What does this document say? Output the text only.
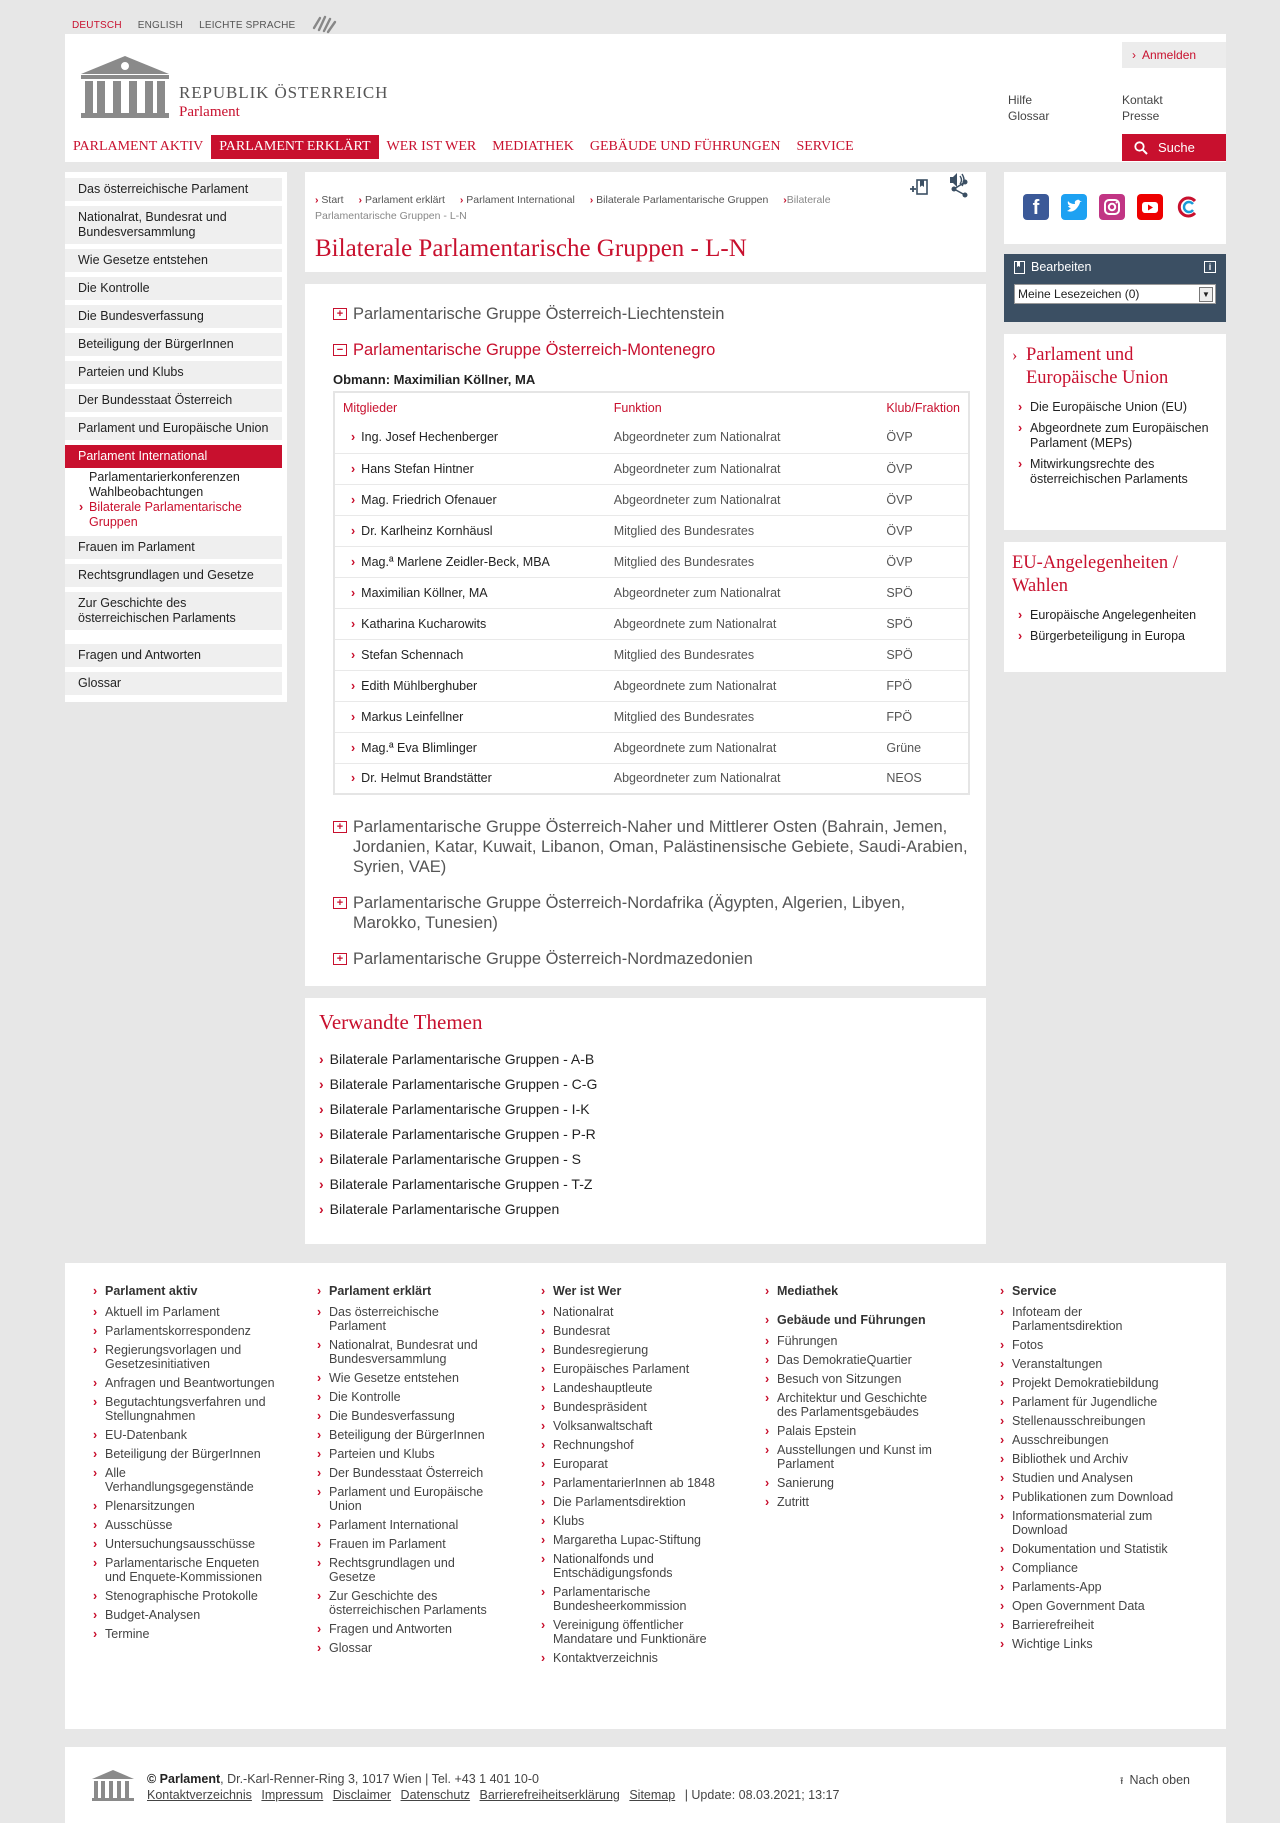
DEUTSCH ENGLISH LEICHTE SPRACHE
REPUBLIK ÖSTERREICH
Parlament
› Anmelden
Hilfe
Glossar
Kontakt
Presse
PARLAMENT AKTIV	PARLAMENT ERKLÄRT	WER IST WER	MEDIATHEK	GEBÄUDE UND FÜHRUNGEN	SERVICE	Suche
Das österreichische Parlament
Nationalrat, Bundesrat und Bundesversammlung
Wie Gesetze entstehen
Die Kontrolle
Die Bundesverfassung
Beteiligung der BürgerInnen
Parteien und Klubs
Der Bundesstaat Österreich
Parlament und Europäische Union
Parlament International
Parlamentarierkonferenzen
Wahlbeobachtungen
› Bilaterale Parlamentarische Gruppen
Frauen im Parlament
Rechtsgrundlagen und Gesetze
Zur Geschichte des österreichischen Parlaments
Fragen und Antworten
Glossar
› Start › Parlament erklärt › Parlament International › Bilaterale Parlamentarische Gruppen ›Bilaterale Parlamentarische Gruppen - L-N
Bilaterale Parlamentarische Gruppen - L-N
+ Parlamentarische Gruppe Österreich-Liechtenstein
− Parlamentarische Gruppe Österreich-Montenegro
Obmann: Maximilian Köllner, MA
Mitglieder	Funktion	Klub/Fraktion
› Ing. Josef Hechenberger	Abgeordneter zum Nationalrat	ÖVP
› Hans Stefan Hintner	Abgeordneter zum Nationalrat	ÖVP
› Mag. Friedrich Ofenauer	Abgeordneter zum Nationalrat	ÖVP
› Dr. Karlheinz Kornhäusl	Mitglied des Bundesrates	ÖVP
› Mag.ª Marlene Zeidler-Beck, MBA	Mitglied des Bundesrates	ÖVP
› Maximilian Köllner, MA	Abgeordneter zum Nationalrat	SPÖ
› Katharina Kucharowits	Abgeordnete zum Nationalrat	SPÖ
› Stefan Schennach	Mitglied des Bundesrates	SPÖ
› Edith Mühlberghuber	Abgeordnete zum Nationalrat	FPÖ
› Markus Leinfellner	Mitglied des Bundesrates	FPÖ
› Mag.ª Eva Blimlinger	Abgeordnete zum Nationalrat	Grüne
› Dr. Helmut Brandstätter	Abgeordneter zum Nationalrat	NEOS
+ Parlamentarische Gruppe Österreich-Naher und Mittlerer Osten (Bahrain, Jemen, Jordanien, Katar, Kuwait, Libanon, Oman, Palästinensische Gebiete, Saudi-Arabien, Syrien, VAE)
+ Parlamentarische Gruppe Österreich-Nordafrika (Ägypten, Algerien, Libyen, Marokko, Tunesien)
+ Parlamentarische Gruppe Österreich-Nordmazedonien
Verwandte Themen
› Bilaterale Parlamentarische Gruppen - A-B
› Bilaterale Parlamentarische Gruppen - C-G
› Bilaterale Parlamentarische Gruppen - I-K
› Bilaterale Parlamentarische Gruppen - P-R
› Bilaterale Parlamentarische Gruppen - S
› Bilaterale Parlamentarische Gruppen - T-Z
› Bilaterale Parlamentarische Gruppen
f
Bearbeiten	i
Meine Lesezeichen (0)	▼
› Parlament und Europäische Union
› Die Europäische Union (EU)
› Abgeordnete zum Europäischen Parlament (MEPs)
› Mitwirkungsrechte des österreichischen Parlaments
EU-Angelegenheiten / Wahlen
› Europäische Angelegenheiten
› Bürgerbeteiligung in Europa
› Parlament aktiv
› Aktuell im Parlament
› Parlamentskorrespondenz
› Regierungsvorlagen und Gesetzesinitiativen
› Anfragen und Beantwortungen
› Begutachtungsverfahren und Stellungnahmen
› EU-Datenbank
› Beteiligung der BürgerInnen
› Alle Verhandlungsgegenstände
› Plenarsitzungen
› Ausschüsse
› Untersuchungsausschüsse
› Parlamentarische Enqueten und Enquete-Kommissionen
› Stenographische Protokolle
› Budget-Analysen
› Termine
› Parlament erklärt
› Das österreichische Parlament
› Nationalrat, Bundesrat und Bundesversammlung
› Wie Gesetze entstehen
› Die Kontrolle
› Die Bundesverfassung
› Beteiligung der BürgerInnen
› Parteien und Klubs
› Der Bundesstaat Österreich
› Parlament und Europäische Union
› Parlament International
› Frauen im Parlament
› Rechtsgrundlagen und Gesetze
› Zur Geschichte des österreichischen Parlaments
› Fragen und Antworten
› Glossar
› Wer ist Wer
› Nationalrat
› Bundesrat
› Bundesregierung
› Europäisches Parlament
› Landeshauptleute
› Bundespräsident
› Volksanwaltschaft
› Rechnungshof
› Europarat
› ParlamentarierInnen ab 1848
› Die Parlamentsdirektion
› Klubs
› Margaretha Lupac-Stiftung
› Nationalfonds und Entschädigungsfonds
› Parlamentarische Bundesheerkommission
› Vereinigung öffentlicher Mandatare und Funktionäre
› Kontaktverzeichnis
› Mediathek
› Gebäude und Führungen
› Führungen
› Das DemokratieQuartier
› Besuch von Sitzungen
› Architektur und Geschichte des Parlamentsgebäudes
› Palais Epstein
› Ausstellungen und Kunst im Parlament
› Sanierung
› Zutritt
› Service
› Infoteam der Parlamentsdirektion
› Fotos
› Veranstaltungen
› Projekt Demokratiebildung
› Parlament für Jugendliche
› Stellenausschreibungen
› Ausschreibungen
› Bibliothek und Archiv
› Studien und Analysen
› Publikationen zum Download
› Informationsmaterial zum Download
› Dokumentation und Statistik
› Compliance
› Parlaments-App
› Open Government Data
› Barrierefreiheit
› Wichtige Links
© Parlament, Dr.-Karl-Renner-Ring 3, 1017 Wien | Tel. +43 1 401 10-0
Kontaktverzeichnis Impressum Disclaimer Datenschutz Barrierefreiheitserklärung Sitemap | Update: 08.03.2021; 13:17
⭱ Nach oben
